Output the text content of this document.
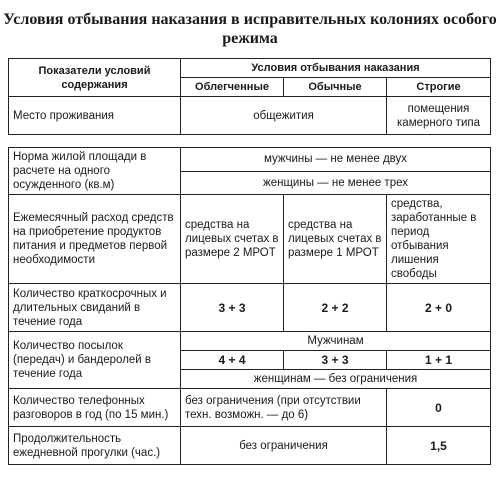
Условия отбывания наказания в исправительных колониях особого режима
Показатели условий содержания	Условия отбывания наказания		
	Облегченные	Обычные	Строгие
Место проживания	общежития		помещения камерного типа

Норма жилой площади в расчете на одного осужденного (кв.м)	мужчины — не менее двух		
	женщины — не менее трех		
Ежемесячный расход средств на приобретение продуктов питания и предметов первой необходимости	средства на лицевых счетах в размере 2 МРОТ	средства на лицевых счетах в размере 1 МРОТ	средства, заработанные в период отбывания лишения свободы
Количество краткосрочных и длительных свиданий в течение года	3 + 3	2 + 2	2 + 0
Количество посылок (передач) и бандеролей в течение года	Мужчинам		
	4 + 4	3 + 3	1 + 1
	женщинам — без ограничения		
Количество телефонных разговоров в год (по 15 мин.)	без ограничения (при отсутствии техн. возможн. — до 6)		0
Продолжительность ежедневной прогулки (час.)	без ограничения		1,5
